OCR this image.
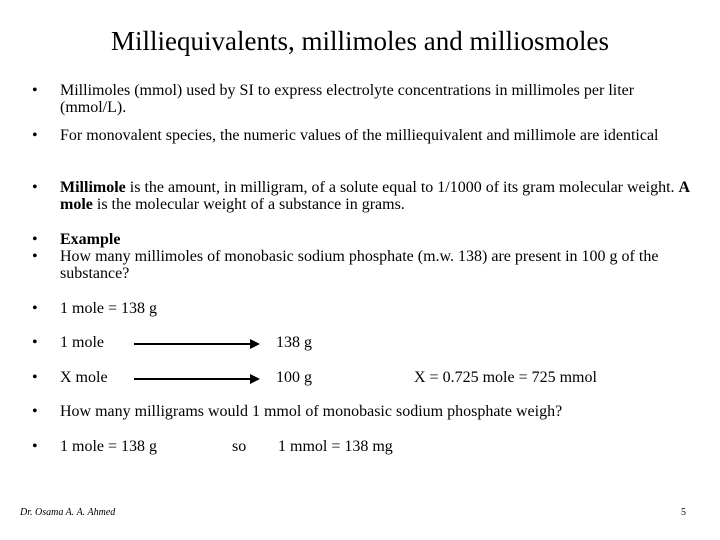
Milliequivalents, millimoles and milliosmoles
• Millimoles (mmol) used by SI to express electrolyte concentrations in millimoles per liter (mmol/L).
• For monovalent species, the numeric values of the milliequivalent and millimole are identical
• Millimole is the amount, in milligram, of a solute equal to 1/1000 of its gram molecular weight. A mole is the molecular weight of a substance in grams.
• Example
• How many millimoles of monobasic sodium phosphate (m.w. 138) are present in 100 g of the substance?
• 1 mole = 138 g
• 1 mole	138 g
• X mole	100 g	X = 0.725 mole = 725 mmol
• How many milligrams would 1 mmol of monobasic sodium phosphate weigh?
• 1 mole = 138 g	so 1 mmol = 138 mg
Dr. Osama A. A. Ahmed	5
